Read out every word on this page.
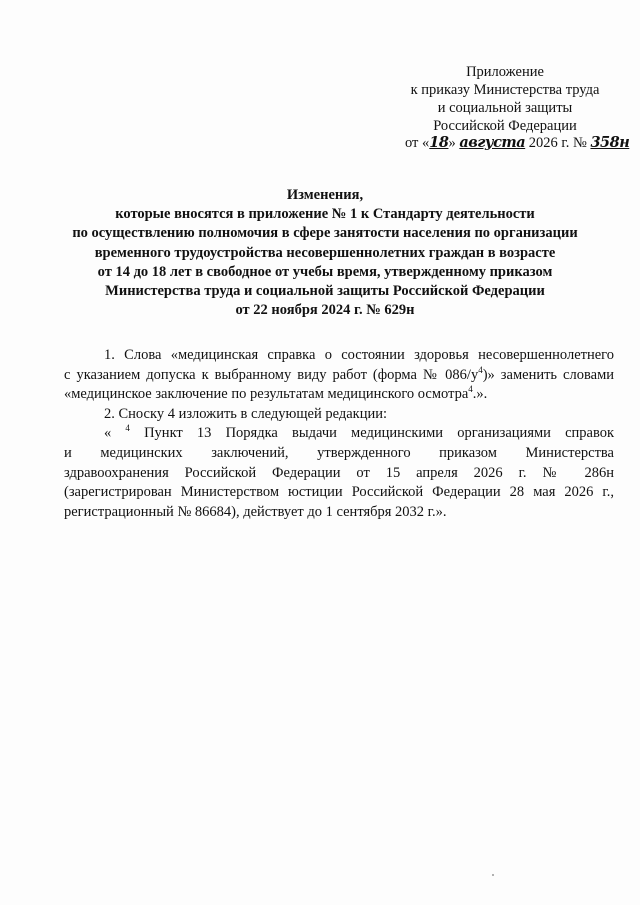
Приложение
к приказу Министерства труда
и социальной защиты
Российской Федерации
от «18» августа 2026 г. № 358н
Изменения,
которые вносятся в приложение № 1 к Стандарту деятельности
по осуществлению полномочия в сфере занятости населения по организации
временного трудоустройства несовершеннолетних граждан в возрасте
от 14 до 18 лет в свободное от учебы время, утвержденному приказом
Министерства труда и социальной защиты Российской Федерации
от 22 ноября 2024 г. № 629н
1. Слова «медицинская справка о состоянии здоровья несовершеннолетнего
с указанием допуска к выбранному виду работ (форма № $086/у^4$)» заменить словами
«медицинское заключение по результатам медицинского осмотра$^4$.».
2. Сноску 4 изложить в следующей редакции:
« $^4$ Пункт 13 Порядка выдачи медицинскими организациями справок
и медицинских заключений, утвержденного приказом Министерства
здравоохранения Российской Федерации от 15 апреля 2026 г. № 286н
(зарегистрирован Министерством юстиции Российской Федерации 28 мая 2026 г.,
регистрационный № 86684), действует до 1 сентября 2032 г.».
